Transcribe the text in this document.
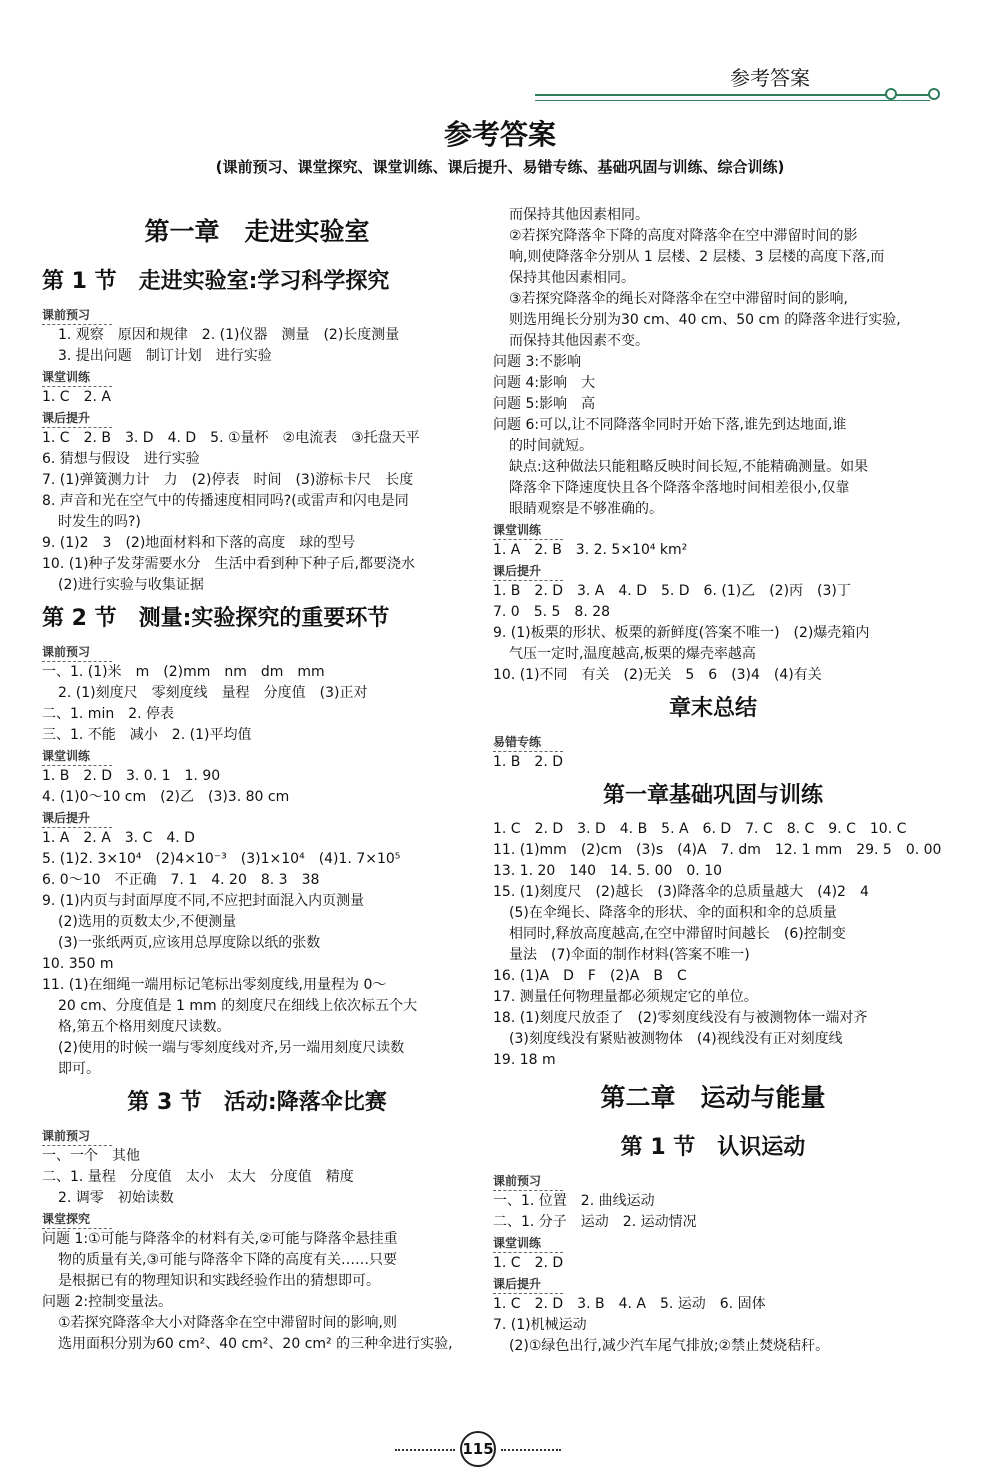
参考答案
参考答案
(课前预习、课堂探究、课堂训练、课后提升、易错专练、基础巩固与训练、综合训练)
第一章　走进实验室
第 1 节　走进实验室:学习科学探究
课前预习
1. 观察　原因和规律　2. (1)仪器　测量　(2)长度测量
3. 提出问题　制订计划　进行实验
课堂训练
1. C　2. A
课后提升
1. C　2. B　3. D　4. D　5. ①量杯　②电流表　③托盘天平
6. 猜想与假设　进行实验
7. (1)弹簧测力计　力　(2)停表　时间　(3)游标卡尺　长度
8. 声音和光在空气中的传播速度相同吗?(或雷声和闪电是同
时发生的吗?)
9. (1)2　3　(2)地面材料和下落的高度　球的型号
10. (1)种子发芽需要水分　生活中看到种下种子后,都要浇水
(2)进行实验与收集证据
第 2 节　测量:实验探究的重要环节
课前预习
一、1. (1)米　m　(2)mm　nm　dm　mm
2. (1)刻度尺　零刻度线　量程　分度值　(3)正对
二、1. min　2. 停表
三、1. 不能　减小　2. (1)平均值
课堂训练
1. B　2. D　3. 0. 1　1. 90
4. (1)0～10 cm　(2)乙　(3)3. 80 cm
课后提升
1. A　2. A　3. C　4. D
5. (1)2. 3×10⁴　(2)4×10⁻³　(3)1×10⁴　(4)1. 7×10⁵
6. 0～10　不正确　7. 1　4. 20　8. 3　38
9. (1)内页与封面厚度不同,不应把封面混入内页测量
(2)选用的页数太少,不便测量
(3)一张纸两页,应该用总厚度除以纸的张数
10. 350 m
11. (1)在细绳一端用标记笔标出零刻度线,用量程为 0～
20 cm、分度值是 1 mm 的刻度尺在细线上依次标五个大
格,第五个格用刻度尺读数。
(2)使用的时候一端与零刻度线对齐,另一端用刻度尺读数
即可。
第 3 节　活动:降落伞比赛
课前预习
一、一个　其他
二、1. 量程　分度值　太小　太大　分度值　精度
2. 调零　初始读数
课堂探究
问题 1:①可能与降落伞的材料有关,②可能与降落伞悬挂重
物的质量有关,③可能与降落伞下降的高度有关……只要
是根据已有的物理知识和实践经验作出的猜想即可。
问题 2:控制变量法。
①若探究降落伞大小对降落伞在空中滞留时间的影响,则
选用面积分别为60 cm²、40 cm²、20 cm² 的三种伞进行实验,
而保持其他因素相同。
②若探究降落伞下降的高度对降落伞在空中滞留时间的影
响,则使降落伞分别从 1 层楼、2 层楼、3 层楼的高度下落,而
保持其他因素相同。
③若探究降落伞的绳长对降落伞在空中滞留时间的影响,
则选用绳长分别为30 cm、40 cm、50 cm 的降落伞进行实验,
而保持其他因素不变。
问题 3:不影响
问题 4:影响　大
问题 5:影响　高
问题 6:可以,让不同降落伞同时开始下落,谁先到达地面,谁
的时间就短。
缺点:这种做法只能粗略反映时间长短,不能精确测量。如果
降落伞下降速度快且各个降落伞落地时间相差很小,仅靠
眼睛观察是不够准确的。
课堂训练
1. A　2. B　3. 2. 5×10⁴ km²
课后提升
1. B　2. D　3. A　4. D　5. D　6. (1)乙　(2)丙　(3)丁
7. 0　5. 5　8. 28
9. (1)板栗的形状、板栗的新鲜度(答案不唯一)　(2)爆壳箱内
气压一定时,温度越高,板栗的爆壳率越高
10. (1)不同　有关　(2)无关　5　6　(3)4　(4)有关
章末总结
易错专练
1. B　2. D
第一章基础巩固与训练
1. C　2. D　3. D　4. B　5. A　6. D　7. C　8. C　9. C　10. C
11. (1)mm　(2)cm　(3)s　(4)A　7. dm　12. 1 mm　29. 5　0. 00
13. 1. 20　140　14. 5. 00　0. 10
15. (1)刻度尺　(2)越长　(3)降落伞的总质量越大　(4)2　4
(5)在伞绳长、降落伞的形状、伞的面积和伞的总质量
相同时,释放高度越高,在空中滞留时间越长　(6)控制变
量法　(7)伞面的制作材料(答案不唯一)
16. (1)A　D　F　(2)A　B　C
17. 测量任何物理量都必须规定它的单位。
18. (1)刻度尺放歪了　(2)零刻度线没有与被测物体一端对齐
(3)刻度线没有紧贴被测物体　(4)视线没有正对刻度线
19. 18 m
第二章　运动与能量
第 1 节　认识运动
课前预习
一、1. 位置　2. 曲线运动
二、1. 分子　运动　2. 运动情况
课堂训练
1. C　2. D
课后提升
1. C　2. D　3. B　4. A　5. 运动　6. 固体
7. (1)机械运动
(2)①绿色出行,减少汽车尾气排放;②禁止焚烧秸秆。
115
